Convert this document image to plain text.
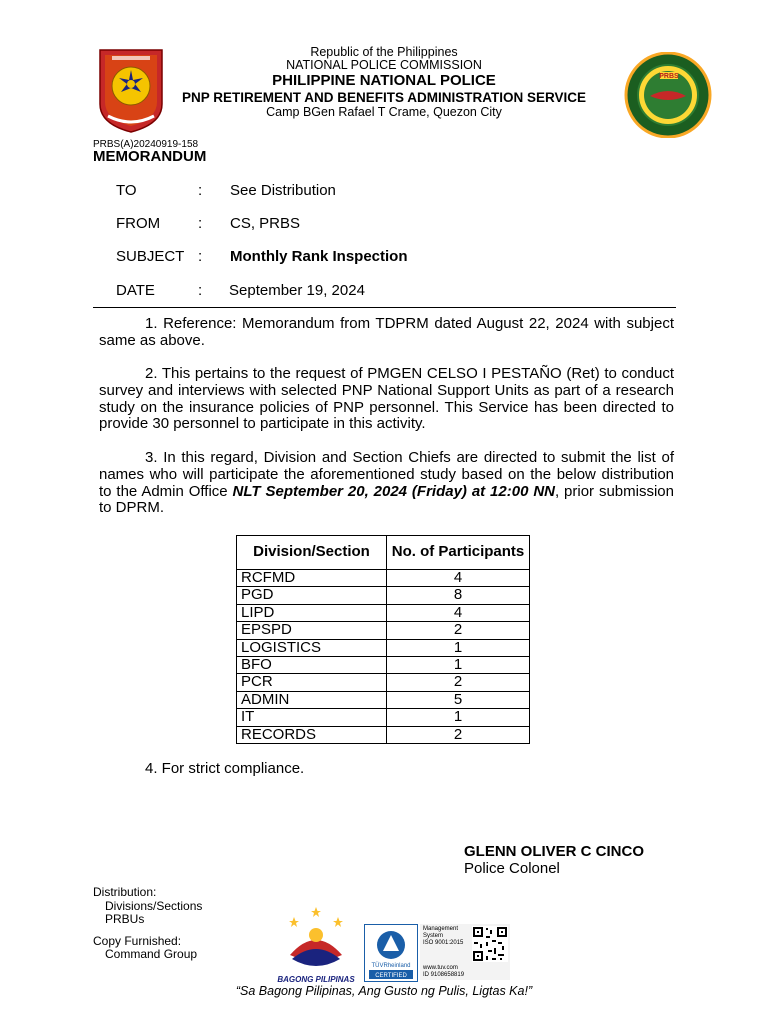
Republic of the Philippines
NATIONAL POLICE COMMISSION
PHILIPPINE NATIONAL POLICE
PNP RETIREMENT AND BENEFITS ADMINISTRATION SERVICE
Camp BGen Rafael T Crame, Quezon City
PRBS
PRBS(A)20240919-158
MEMORANDUM
TO	: See Distribution
FROM	: CS, PRBS
SUBJECT : Monthly Rank Inspection
DATE	: September 19, 2024
1. Reference: Memorandum from TDPRM dated August 22, 2024 with subject same as above.
2. This pertains to the request of PMGEN CELSO I PESTAÑO (Ret) to conduct survey and interviews with selected PNP National Support Units as part of a research study on the insurance policies of PNP personnel. This Service has been directed to provide 30 personnel to participate in this activity.
3. In this regard, Division and Section Chiefs are directed to submit the list of names who will participate the aforementioned study based on the below distribution to the Admin Office NLT September 20, 2024 (Friday) at 12:00 NN, prior submission to DPRM.
Division/Section	No. of Participants
RCFMD	4
PGD	8
LIPD	4
EPSPD	2
LOGISTICS	1
BFO	1
PCR	2
ADMIN	5
IT	1
RECORDS	2
4. For strict compliance.
GLENN OLIVER C CINCO
Police Colonel
Distribution:
Divisions/Sections
PRBUs
Copy Furnished:
Command Group
BAGONG PILIPINAS
TÜVRheinland
CERTIFIED
Management
System
ISO 9001:2015
www.tuv.com
ID 9108658819
“Sa Bagong Pilipinas, Ang Gusto ng Pulis, Ligtas Ka!”
